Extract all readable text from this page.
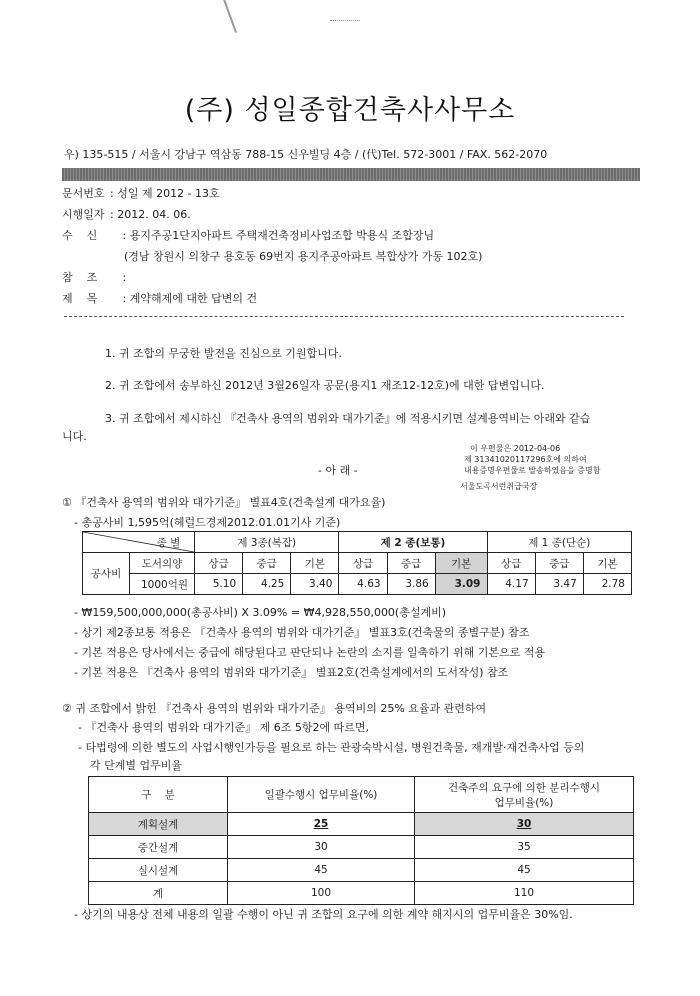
(주) 성일종합건축사사무소
우) 135-515 / 서울시 강남구 역삼동 788-15 신우빌딩 4층 / (代)Tel. 572-3001 / FAX. 562-2070
문서번호 : 성일 제 2012 - 13호
시행일자 : 2012. 04. 06.
수    신 : 용지주공1단지아파트 주택재건축정비사업조합 박용식 조합장님
(경남 창원시 의창구 용호동 69번지 용지주공아파트 복합상가 가동 102호)
참    조 :
제    목 : 계약해제에 대한 답변의 건
1. 귀 조합의 무궁한 발전을 진심으로 기원합니다.
2. 귀 조합에서 송부하신 2012년 3월26일자 공문(용지1 재조12-12호)에 대한 답변입니다.
3. 귀 조합에서 제시하신 『건축사 용역의 범위와 대가기준』에 적용시키면 설계용역비는 아래와 같습
니다.
이 우편물은 2012-04-06
제 31341020117296호에 의하여
내용증명우편물로 발송하였음을 증명함
서울도곡서런취급국장
- 아 래 -
① 『건축사 용역의 범위와 대가기준』 별표4호(건축설계 대가요율)
- 총공사비 1,595억(헤럴드경제2012.01.01기사 기준)
종 별		제 3종(복잡)			제 2 종(보통)			제 1 종(단순)		
공사비	도서의양	상급	중급	기본	상급	중급	기본	상급	중급	기본
	1000억원	5.10	4.25	3.40	4.63	3.86	3.09	4.17	3.47	2.78
- ₩159,500,000,000(총공사비) X 3.09% = ₩4,928,550,000(총설계비)
- 상기 제2종보통 적용은 『건축사 용역의 범위와 대가기준』 별표3호(건축물의 종별구분) 참조
- 기본 적용은 당사에서는 중급에 해당된다고 판단되나 논란의 소지를 일축하기 위해 기본으로 적용
- 기본 적용은 『건축사 용역의 범위와 대가기준』 별표2호(건축설계에서의 도서작성) 참조
② 귀 조합에서 밝힌 『건축사 용역의 범위와 대가기준』 용역비의 25% 요율과 관련하여
- 『건축사 용역의 범위와 대가기준』 제 6조 5항2에 따르면,
- 타법령에 의한 별도의 사업시행인가등을 필요로 하는 관광숙박시설, 병원건축물, 재개발·재건축사업 등의
각 단계별 업무비율
구    분	일괄수행시 업무비율(%)	건축주의 요구에 의한 분리수행시
업무비율(%)

계획설계	25	30
중간설계	30	35
실시설계	45	45
계	100	110
- 상기의 내용상 전체 내용의 일괄 수행이 아닌 귀 조합의 요구에 의한 계약 해지시의 업무비율은 30%임.
